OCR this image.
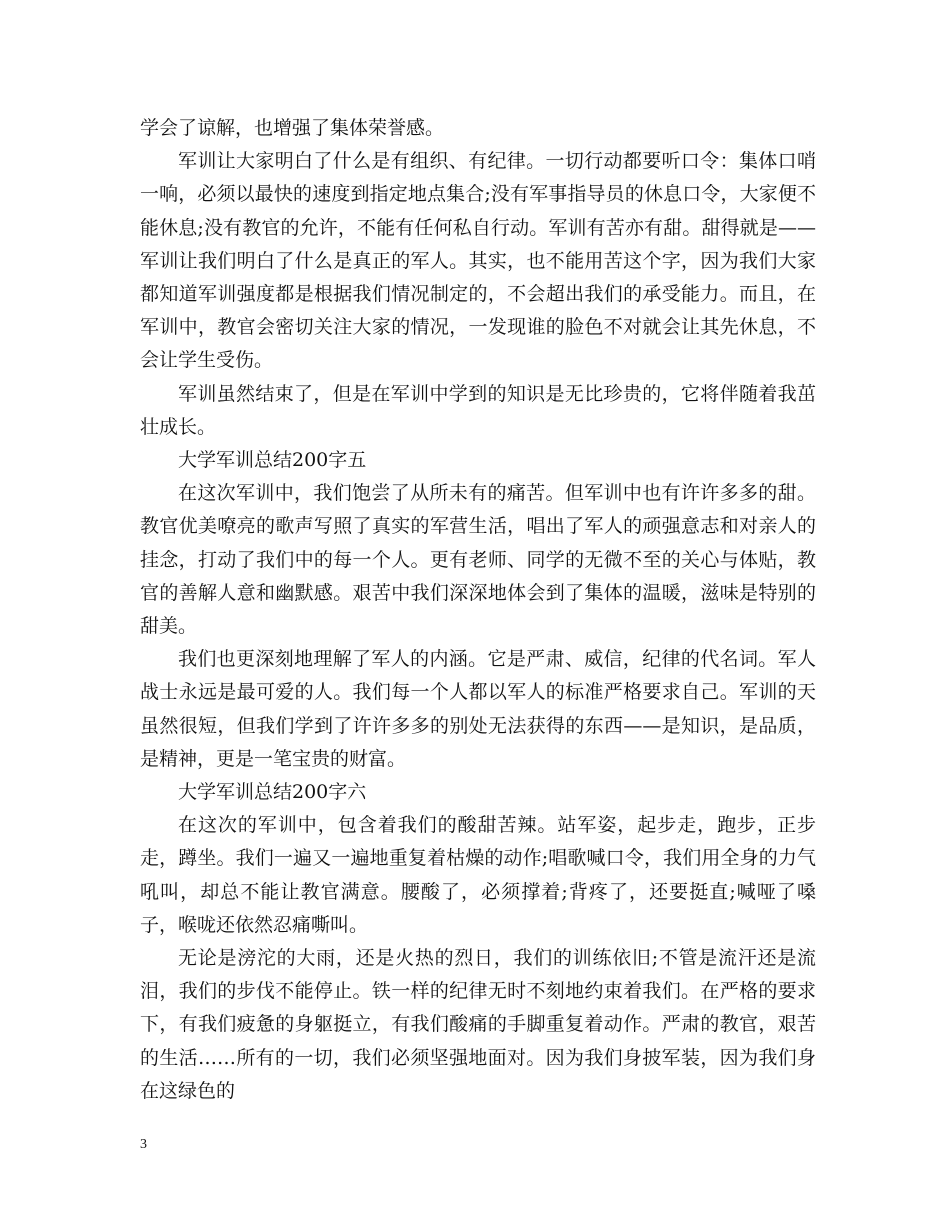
学会了谅解，也增强了集体荣誉感。

军训让大家明白了什么是有组织、有纪律。一切行动都要听口令：集体口哨一响，必须以最快的速度到指定地点集合;没有军事指导员的休息口令，大家便不能休息;没有教官的允许，不能有任何私自行动。军训有苦亦有甜。甜得就是——军训让我们明白了什么是真正的军人。其实，也不能用苦这个字，因为我们大家都知道军训强度都是根据我们情况制定的，不会超出我们的承受能力。而且，在军训中，教官会密切关注大家的情况，一发现谁的脸色不对就会让其先休息，不会让学生受伤。

军训虽然结束了，但是在军训中学到的知识是无比珍贵的，它将伴随着我茁壮成长。

大学军训总结200字五

在这次军训中，我们饱尝了从所未有的痛苦。但军训中也有许许多多的甜。教官优美嘹亮的歌声写照了真实的军营生活，唱出了军人的顽强意志和对亲人的挂念，打动了我们中的每一个人。更有老师、同学的无微不至的关心与体贴，教官的善解人意和幽默感。艰苦中我们深深地体会到了集体的温暖，滋味是特别的甜美。

我们也更深刻地理解了军人的内涵。它是严肃、威信，纪律的代名词。军人战士永远是最可爱的人。我们每一个人都以军人的标准严格要求自己。军训的天虽然很短，但我们学到了许许多多的别处无法获得的东西——是知识，是品质，是精神，更是一笔宝贵的财富。

大学军训总结200字六

在这次的军训中，包含着我们的酸甜苦辣。站军姿，起步走，跑步，正步走，蹲坐。我们一遍又一遍地重复着枯燥的动作;唱歌喊口令，我们用全身的力气吼叫，却总不能让教官满意。腰酸了，必须撑着;背疼了，还要挺直;喊哑了嗓子，喉咙还依然忍痛嘶叫。

无论是滂沱的大雨，还是火热的烈日，我们的训练依旧;不管是流汗还是流泪，我们的步伐不能停止。铁一样的纪律无时不刻地约束着我们。在严格的要求下，有我们疲惫的身躯挺立，有我们酸痛的手脚重复着动作。严肃的教官，艰苦的生活……所有的一切，我们必须坚强地面对。因为我们身披军装，因为我们身在这绿色的

3
